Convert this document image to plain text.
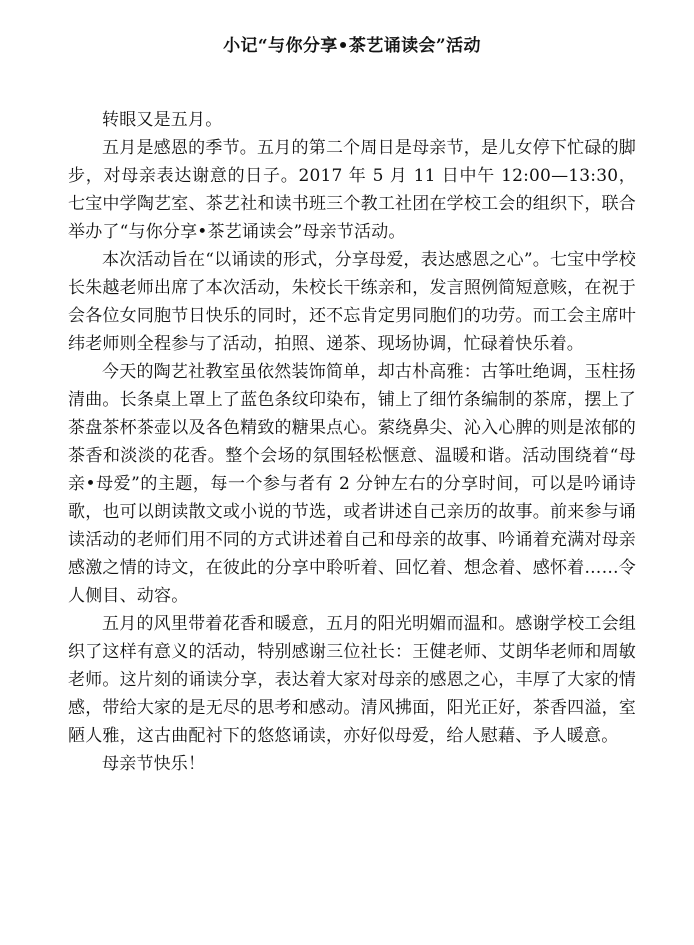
小记“与你分享•茶艺诵读会”活动

转眼又是五月。

五月是感恩的季节。五月的第二个周日是母亲节，是儿女停下忙碌的脚步，对母亲表达谢意的日子。2017 年 5 月 11 日中午 12:00—13:30，七宝中学陶艺室、茶艺社和读书班三个教工社团在学校工会的组织下，联合举办了“与你分享•茶艺诵读会”母亲节活动。

本次活动旨在“以诵读的形式，分享母爱，表达感恩之心”。七宝中学校长朱越老师出席了本次活动，朱校长干练亲和，发言照例简短意赅，在祝于会各位女同胞节日快乐的同时，还不忘肯定男同胞们的功劳。而工会主席叶纬老师则全程参与了活动，拍照、递茶、现场协调，忙碌着快乐着。

今天的陶艺社教室虽依然装饰简单，却古朴高雅：古筝吐绝调，玉柱扬清曲。长条桌上罩上了蓝色条纹印染布，铺上了细竹条编制的茶席，摆上了茶盘茶杯茶壶以及各色精致的糖果点心。萦绕鼻尖、沁入心脾的则是浓郁的茶香和淡淡的花香。整个会场的氛围轻松惬意、温暖和谐。活动围绕着“母亲•母爱”的主题，每一个参与者有 2 分钟左右的分享时间，可以是吟诵诗歌，也可以朗读散文或小说的节选，或者讲述自己亲历的故事。前来参与诵读活动的老师们用不同的方式讲述着自己和母亲的故事、吟诵着充满对母亲感激之情的诗文，在彼此的分享中聆听着、回忆着、想念着、感怀着……令人侧目、动容。

五月的风里带着花香和暖意，五月的阳光明媚而温和。感谢学校工会组织了这样有意义的活动，特别感谢三位社长：王健老师、艾朗华老师和周敏老师。这片刻的诵读分享，表达着大家对母亲的感恩之心，丰厚了大家的情感，带给大家的是无尽的思考和感动。清风拂面，阳光正好，茶香四溢，室陋人雅，这古曲配衬下的悠悠诵读，亦好似母爱，给人慰藉、予人暖意。

母亲节快乐！
